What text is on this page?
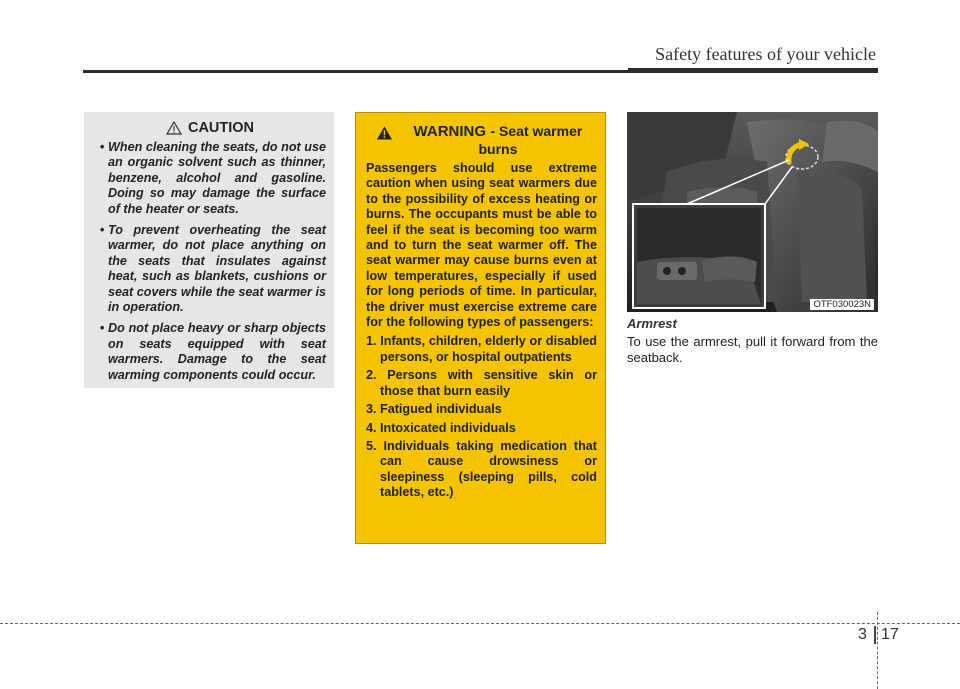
Safety features of your vehicle
CAUTION
• When cleaning the seats, do not use an organic solvent such as thinner, benzene, alcohol and gasoline. Doing so may damage the surface of the heater or seats.
• To prevent overheating the seat warmer, do not place anything on the seats that insulates against heat, such as blankets, cushions or seat covers while the seat warmer is in operation.
• Do not place heavy or sharp objects on seats equipped with seat warmers. Damage to the seat warming components could occur.
WARNING - Seat warmer burns

Passengers should use extreme caution when using seat warmers due to the possibility of excess heating or burns. The occupants must be able to feel if the seat is becoming too warm and to turn the seat warmer off. The seat warmer may cause burns even at low temperatures, especially if used for long periods of time. In particular, the driver must exercise extreme care for the following types of passengers:

1. Infants, children, elderly or disabled persons, or hospital outpatients
2. Persons with sensitive skin or those that burn easily
3. Fatigued individuals
4. Intoxicated individuals
5. Individuals taking medication that can cause drowsiness or sleepiness (sleeping pills, cold tablets, etc.)
OTF030023N
Armrest
To use the armrest, pull it forward from the seatback.
3 17
